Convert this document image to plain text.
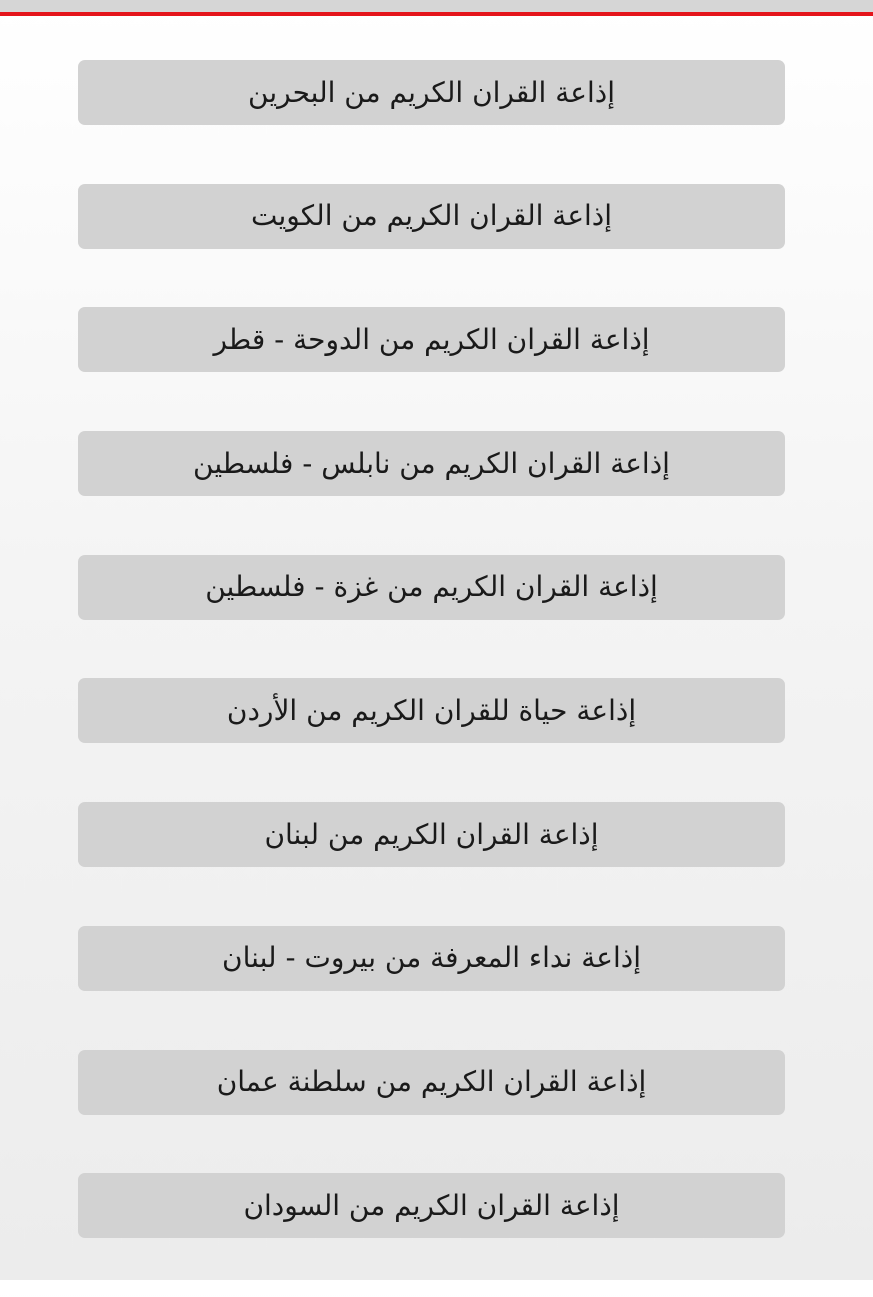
إذاعة القران الكريم من البحرين
إذاعة القران الكريم من الكويت
إذاعة القران الكريم من الدوحة - قطر
إذاعة القران الكريم من نابلس - فلسطين
إذاعة القران الكريم من غزة - فلسطين
إذاعة حياة للقران الكريم من الأردن
إذاعة القران الكريم من لبنان
إذاعة نداء المعرفة من بيروت - لبنان
إذاعة القران الكريم من سلطنة عمان
إذاعة القران الكريم من السودان
